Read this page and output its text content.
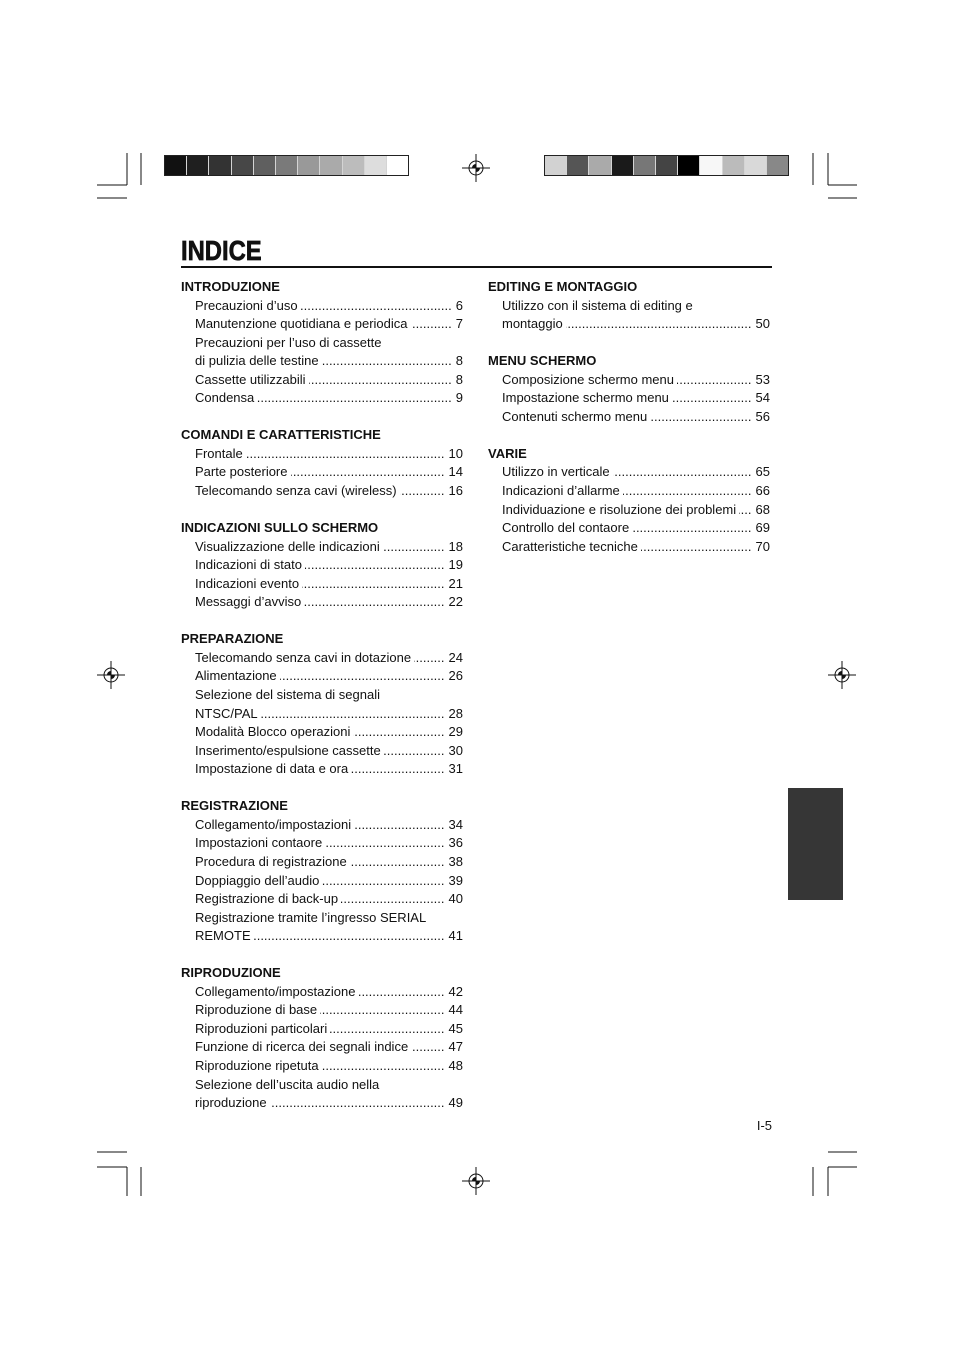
INDICE
INTRODUZIONE
Precauzioni d’uso .....	6
Manutenzione quotidiana e periodica .....	7
Precauzioni per l’uso di cassette
di pulizia delle testine .....	8
Cassette utilizzabili .....	8
Condensa .....	9
COMANDI E CARATTERISTICHE
Frontale .....	10
Parte posteriore .....	14
Telecomando senza cavi (wireless) .....	16
INDICAZIONI SULLO SCHERMO
Visualizzazione delle indicazioni .....	18
Indicazioni di stato .....	19
Indicazioni evento .....	21
Messaggi d’avviso .....	22
PREPARAZIONE
Telecomando senza cavi in dotazione .....	24
Alimentazione .....	26
Selezione del sistema di segnali
NTSC/PAL .....	28
Modalità Blocco operazioni .....	29
Inserimento/espulsione cassette .....	30
Impostazione di data e ora .....	31
REGISTRAZIONE
Collegamento/impostazioni .....	34
Impostazioni contaore .....	36
Procedura di registrazione .....	38
Doppiaggio dell’audio .....	39
Registrazione di back-up .....	40
Registrazione tramite l’ingresso SERIAL
REMOTE .....	41
RIPRODUZIONE
Collegamento/impostazione .....	42
Riproduzione di base .....	44
Riproduzioni particolari .....	45
Funzione di ricerca dei segnali indice .....	47
Riproduzione ripetuta .....	48
Selezione dell’uscita audio nella
riproduzione .....	49
EDITING E MONTAGGIO
Utilizzo con il sistema di editing e
montaggio .....	50
MENU SCHERMO
Composizione schermo menu .....	53
Impostazione schermo menu .....	54
Contenuti schermo menu .....	56
VARIE
Utilizzo in verticale .....	65
Indicazioni d’allarme .....	66
Individuazione e risoluzione dei problemi ..... 68
Controllo del contaore .....	69
Caratteristiche tecniche .....	70
I-5
